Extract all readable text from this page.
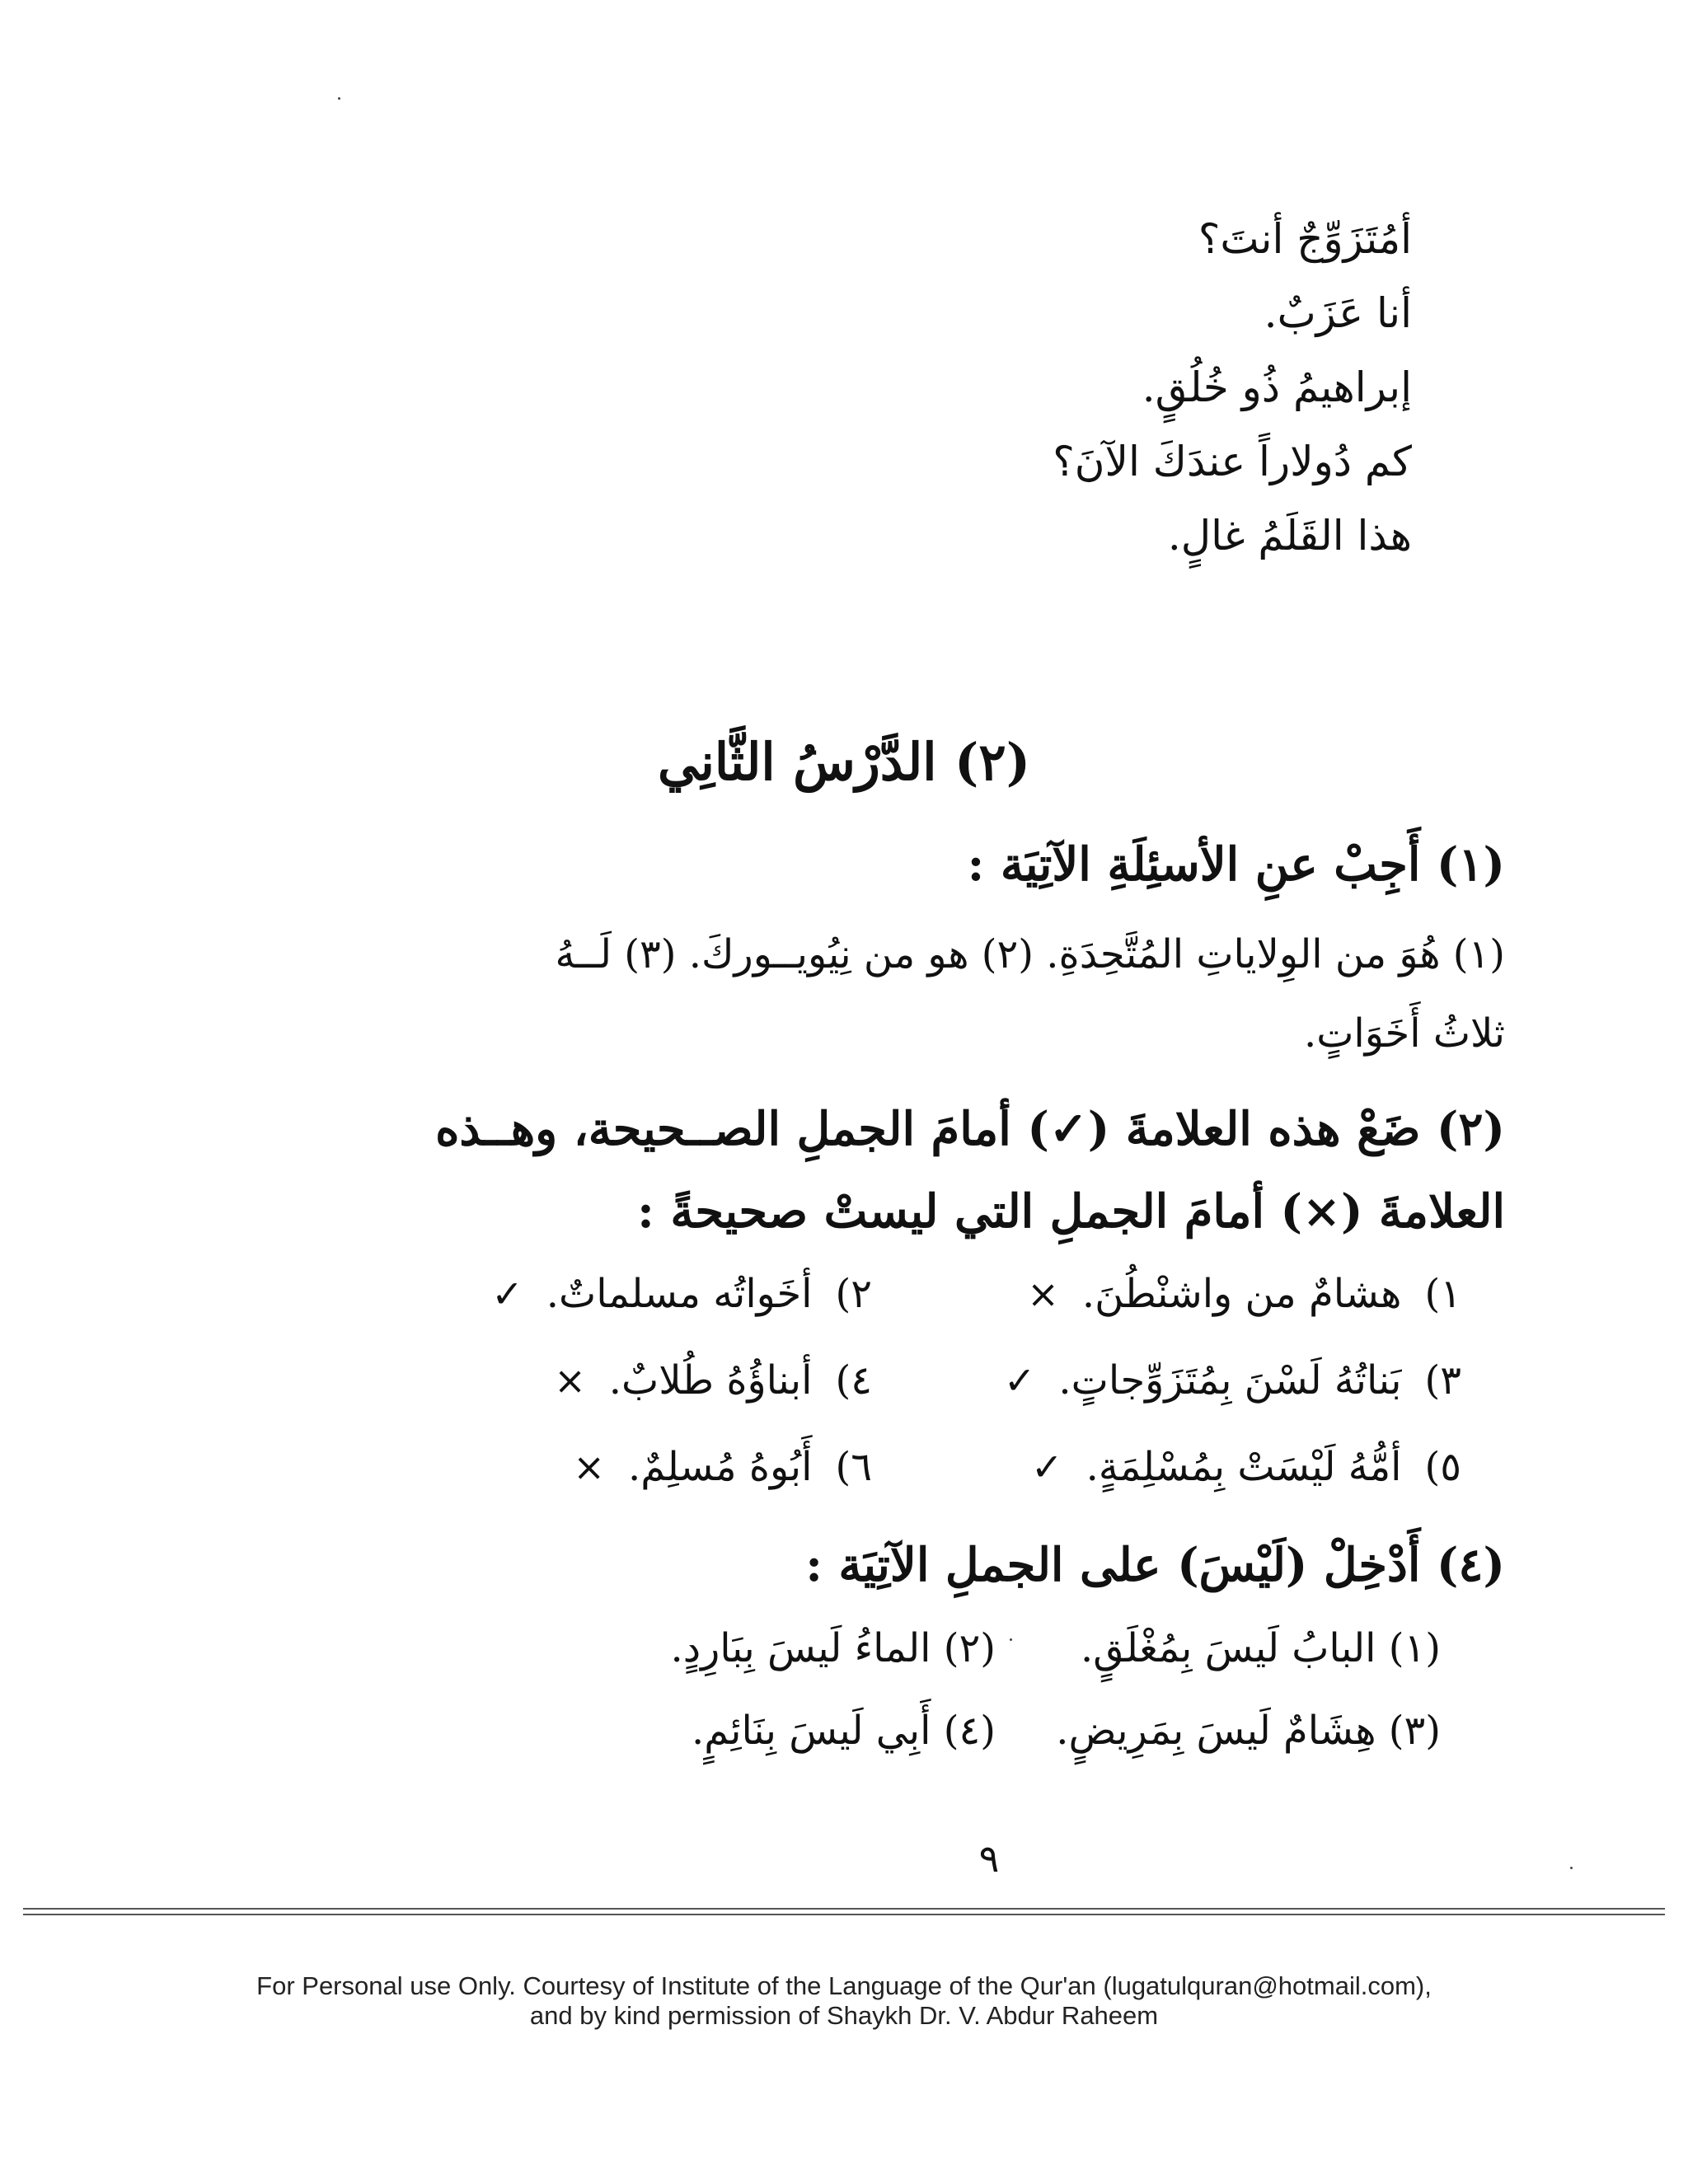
أمُتَزَوِّجٌ أنتَ؟
أنا عَزَبٌ.
إبراهيمُ ذُو خُلُقٍ.
كم دُولاراً عندَكَ الآنَ؟
هذا القَلَمُ غالٍ.
(٢) الدَّرْسُ الثَّانِي
(١) أَجِبْ عنِ الأسئِلَةِ الآتِيَة :
(١) هُوَ من الوِلاياتِ المُتَّحِدَةِ. (٢) هو من نِيُويــوركَ. (٣) لَــهُ
ثلاثُ أَخَوَاتٍ.
(٢) ضَعْ هذه العلامةَ (✓) أمامَ الجملِ الصــحيحة، وهــذه
العلامةَ (×) أمامَ الجملِ التي ليستْ صحيحةً :
١)هشامٌ من واشنْطُنَ.×
٢)أخَواتُه مسلماتٌ.✓
٣)بَناتُهُ لَسْنَ بِمُتَزَوِّجاتٍ.✓
٤)أبناؤُهُ طُلابٌ.×
٥)أمُّهُ لَيْسَتْ بِمُسْلِمَةٍ.✓
٦)أَبُوهُ مُسلِمٌ.×
(٤) أَدْخِلْ (لَيْسَ) على الجملِ الآتِيَة :
(١) البابُ لَيسَ بِمُغْلَقٍ.
(٢) الماءُ لَيسَ بِبَارِدٍ.
(٣) هِشَامٌ لَيسَ بِمَرِيضٍ.
(٤) أَبِي لَيسَ بِنَائِمٍ.
٩
For Personal use Only. Courtesy of Institute of the Language of the Qur'an (lugatulquran@hotmail.com),
and by kind permission of Shaykh Dr. V. Abdur Raheem
